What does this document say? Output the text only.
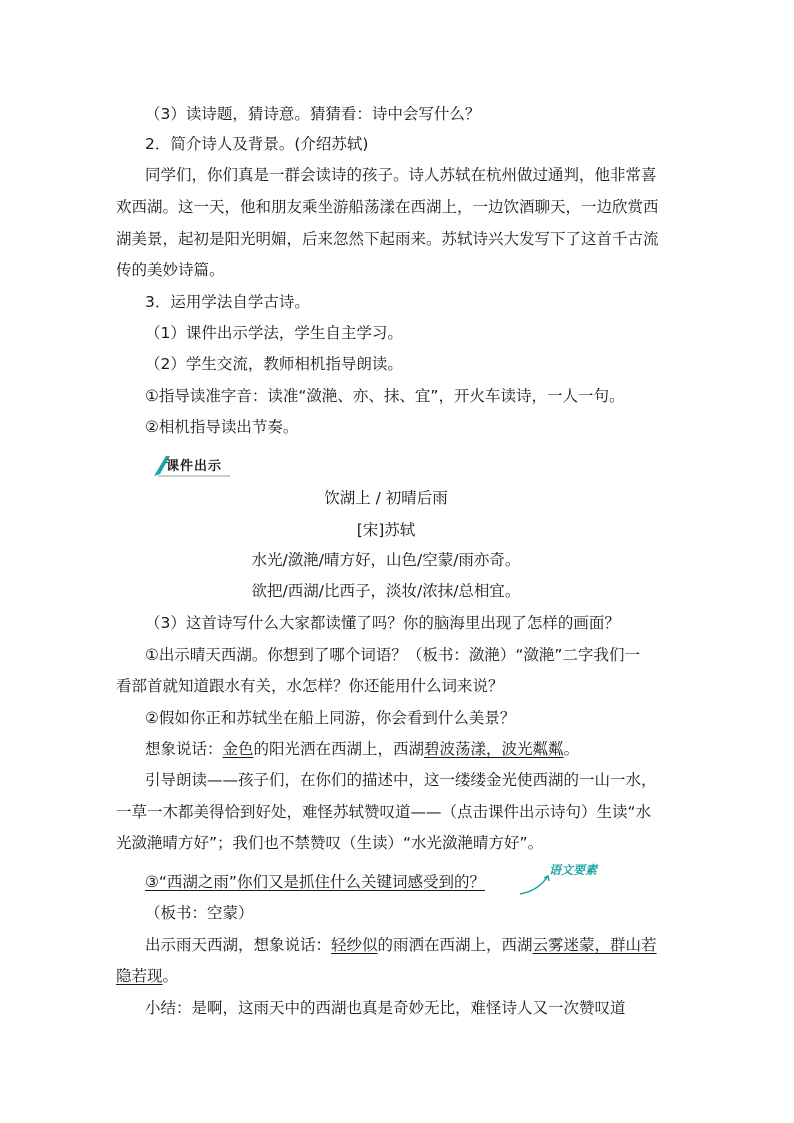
（3）读诗题，猜诗意。猜猜看：诗中会写什么？

2．简介诗人及背景。(介绍苏轼)

同学们，你们真是一群会读诗的孩子。诗人苏轼在杭州做过通判，他非常喜

欢西湖。这一天，他和朋友乘坐游船荡漾在西湖上，一边饮酒聊天，一边欣赏西

湖美景，起初是阳光明媚，后来忽然下起雨来。苏轼诗兴大发写下了这首千古流

传的美妙诗篇。

3．运用学法自学古诗。

（1）课件出示学法，学生自主学习。

（2）学生交流，教师相机指导朗读。

①指导读准字音：读准“潋滟、亦、抹、宜”，开火车读诗，一人一句。

②相机指导读出节奏。

课件出示

饮湖上 / 初晴后雨

[宋]苏轼

水光/潋滟/晴方好，山色/空蒙/雨亦奇。

欲把/西湖/比西子，淡妆/浓抹/总相宜。

（3）这首诗写什么大家都读懂了吗？你的脑海里出现了怎样的画面？

①出示晴天西湖。你想到了哪个词语？（板书：潋滟）“潋滟”二字我们一

看部首就知道跟水有关，水怎样？你还能用什么词来说？

②假如你正和苏轼坐在船上同游，你会看到什么美景？

想象说话：金色的阳光洒在西湖上，西湖碧波荡漾，波光粼粼。

引导朗读——孩子们，在你们的描述中，这一缕缕金光使西湖的一山一水，

一草一木都美得恰到好处，难怪苏轼赞叹道——（点击课件出示诗句）生读“水

光潋滟晴方好”；我们也不禁赞叹（生读）“水光潋滟晴方好”。

③“西湖之雨”你们又是抓住什么关键词感受到的？

语文要素

（板书：空蒙）

出示雨天西湖，想象说话：轻纱似的雨洒在西湖上，西湖云雾迷蒙，群山若

隐若现。

小结：是啊，这雨天中的西湖也真是奇妙无比，难怪诗人又一次赞叹道
